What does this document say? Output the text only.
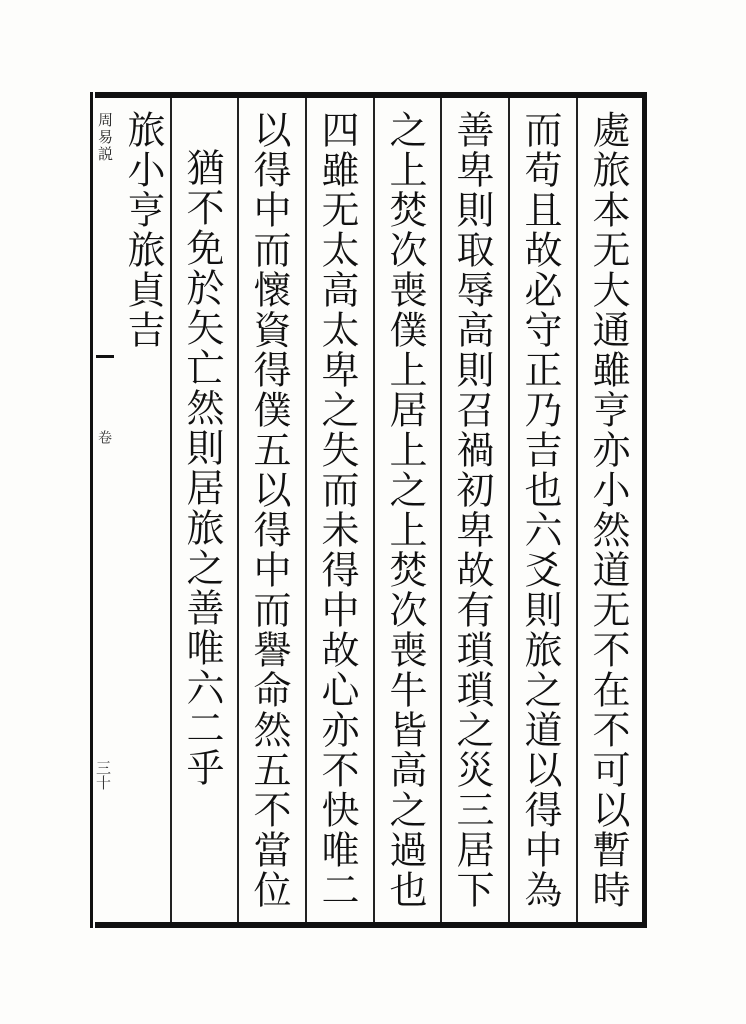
周易説
卷
三十	處旅本无大通雖亨亦小然道无不在不可以暫時
而苟且故必守正乃吉也六爻則旅之道以得中為
善卑則取辱高則召禍初卑故有瑣瑣之災三居下
之上焚次喪僕上居上之上焚次喪牛皆高之過也
四雖无太高太卑之失而未得中故心亦不快唯二
以得中而懷資得僕五以得中而譽命然五不當位
猶不免於矢亡然則居旅之善唯六二乎
旅小亨旅貞吉
